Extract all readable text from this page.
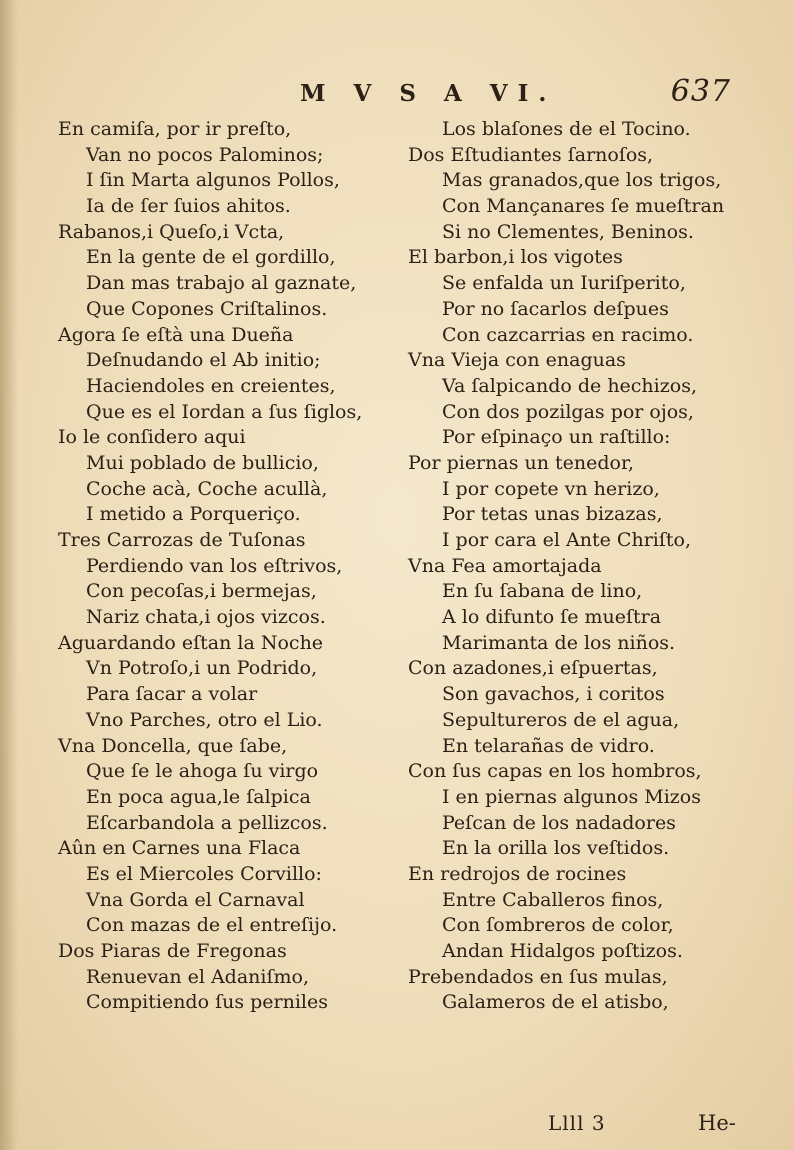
M V S A VI.	637
En camiſa, por ir preſto,
Van no pocos Palominos;
I ſin Marta algunos Pollos,
Ia de ſer ſuios ahitos.
Rabanos,i Queſo,i Vcta,
En la gente de el gordillo,
Dan mas trabajo al gaznate,
Que Copones Criſtalinos.
Agora ſe eſtà una Dueña
Deſnudando el Ab initio;
Haciendoles en creientes,
Que es el Iordan a ſus ſiglos,
Io le conſidero aqui
Mui poblado de bullicio,
Coche acà, Coche acullà,
I metido a Porqueriço.
Tres Carrozas de Tuſonas
Perdiendo van los eſtrivos,
Con pecoſas,i bermejas,
Nariz chata,i ojos vizcos.
Aguardando eſtan la Noche
Vn Potroſo,i un Podrido,
Para ſacar a volar
Vno Parches, otro el Lio.
Vna Doncella, que ſabe,
Que ſe le ahoga ſu virgo
En poca agua,le ſalpica
Eſcarbandola a pellizcos.
Aûn en Carnes una Flaca
Es el Miercoles Corvillo:
Vna Gorda el Carnaval
Con mazas de el entreſijo.
Dos Piaras de Fregonas
Renuevan el Adaniſmo,
Compitiendo ſus perniles
Los blaſones de el Tocino.
Dos Eſtudiantes ſarnoſos,
Mas granados,que los trigos,
Con Mançanares ſe mueſtran
Si no Clementes, Beninos.
El barbon,i los vigotes
Se enfalda un Iuriſperito,
Por no ſacarlos deſpues
Con cazcarrias en racimo.
Vna Vieja con enaguas
Va ſalpicando de hechizos,
Con dos pozilgas por ojos,
Por eſpinaço un raſtillo:
Por piernas un tenedor,
I por copete vn herizo,
Por tetas unas bizazas,
I por cara el Ante Chriſto,
Vna Fea amortajada
En ſu ſabana de lino,
A lo difunto ſe mueſtra
Marimanta de los niños.
Con azadones,i eſpuertas,
Son gavachos, i coritos
Sepultureros de el agua,
En telarañas de vidro.
Con ſus capas en los hombros,
I en piernas algunos Mizos
Peſcan de los nadadores
En la orilla los veſtidos.
En redrojos de rocines
Entre Caballeros finos,
Con ſombreros de color,
Andan Hidalgos poſtizos.
Prebendados en ſus mulas,
Galameros de el atisbo,
Llll 3	He-
